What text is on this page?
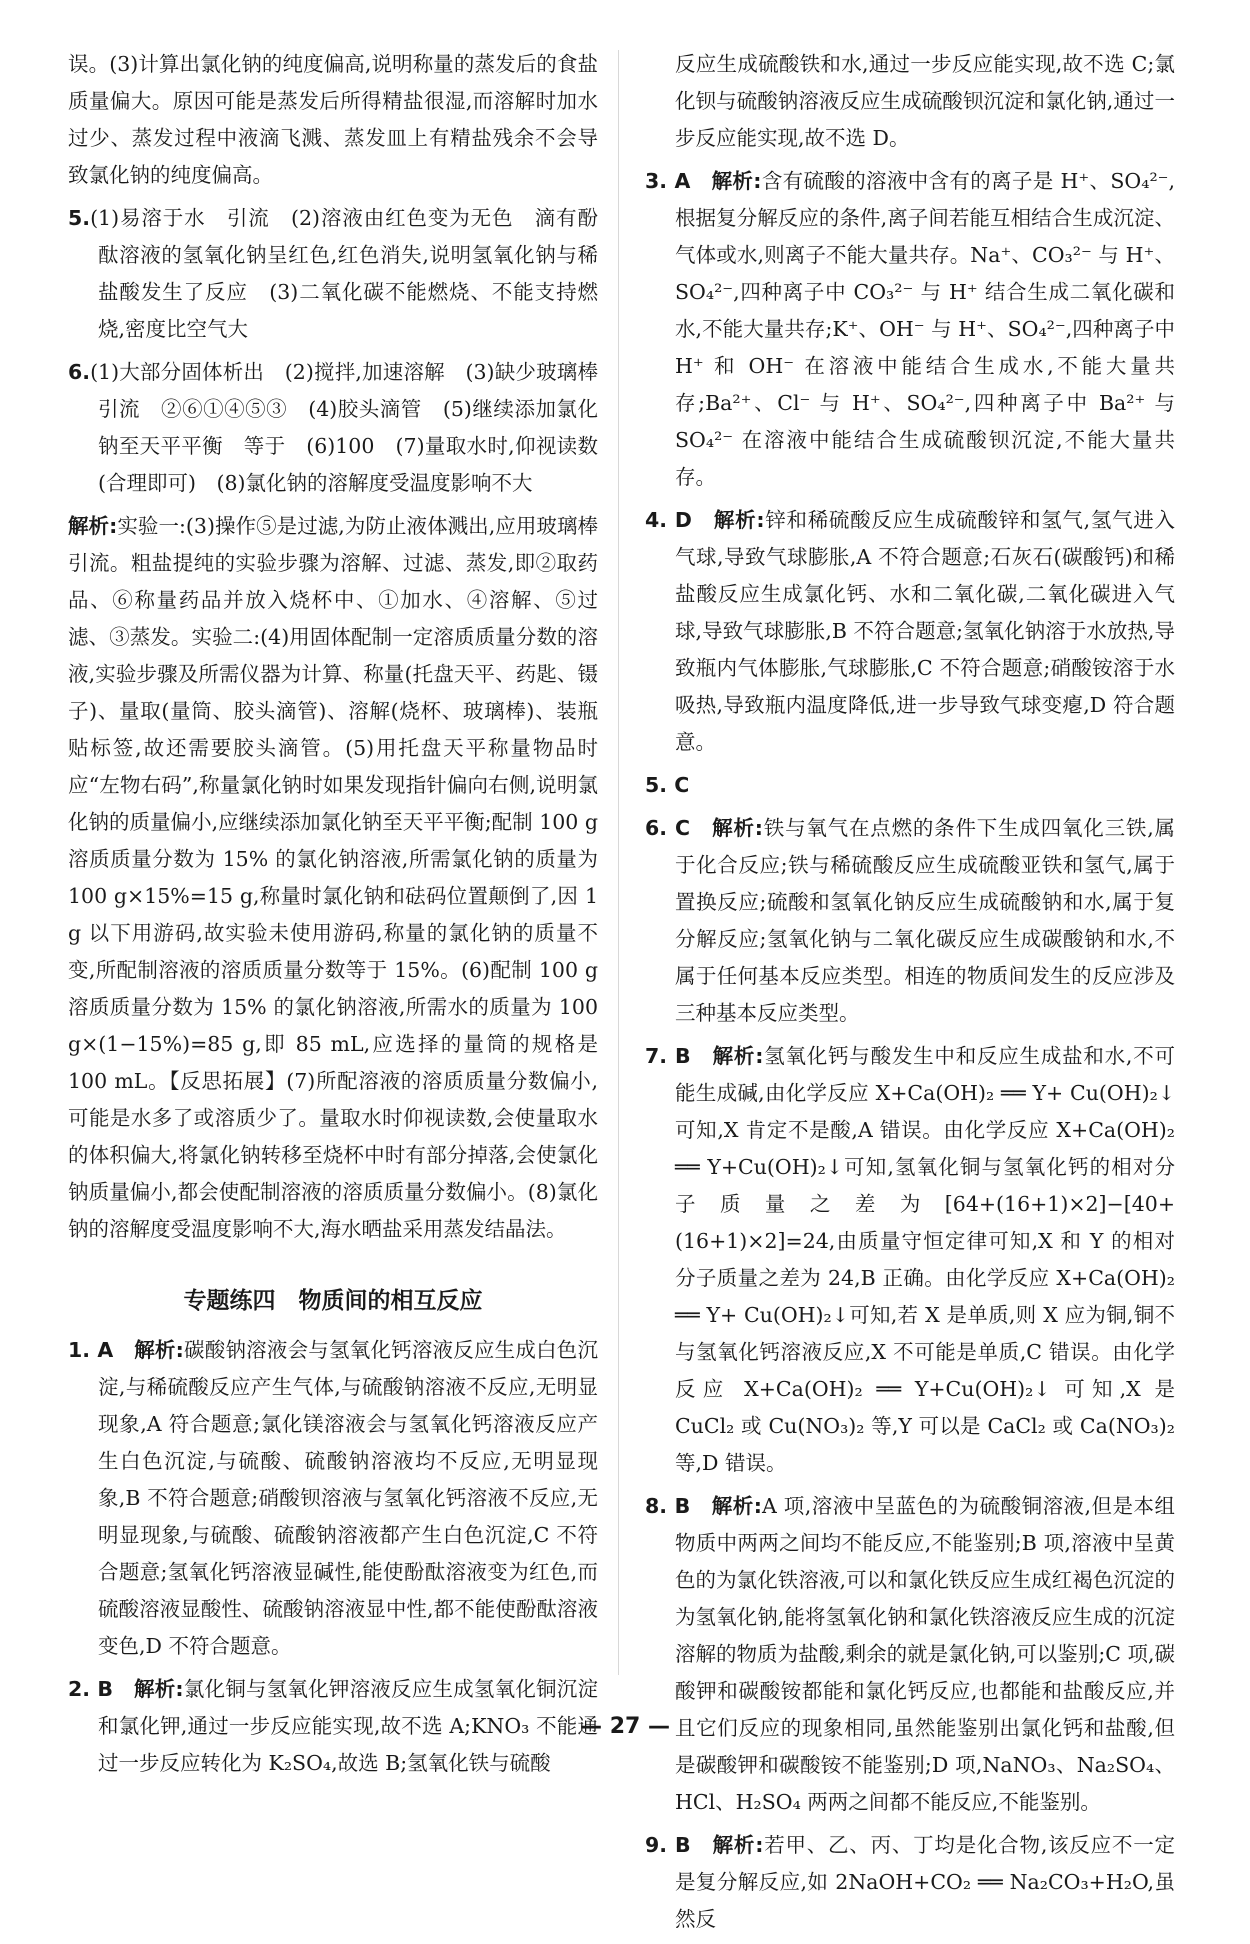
误。(3)计算出氯化钠的纯度偏高,说明称量的蒸发后的食盐质量偏大。原因可能是蒸发后所得精盐很湿,而溶解时加水过少、蒸发过程中液滴飞溅、蒸发皿上有精盐残余不会导致氯化钠的纯度偏高。

5.(1)易溶于水　引流　(2)溶液由红色变为无色　滴有酚酞溶液的氢氧化钠呈红色,红色消失,说明氢氧化钠与稀盐酸发生了反应　(3)二氧化碳不能燃烧、不能支持燃烧,密度比空气大

6.(1)大部分固体析出　(2)搅拌,加速溶解　(3)缺少玻璃棒引流　②⑥①④⑤③　(4)胶头滴管　(5)继续添加氯化钠至天平平衡　等于　(6)100　(7)量取水时,仰视读数(合理即可)　(8)氯化钠的溶解度受温度影响不大

解析:实验一:(3)操作⑤是过滤,为防止液体溅出,应用玻璃棒引流。粗盐提纯的实验步骤为溶解、过滤、蒸发,即②取药品、⑥称量药品并放入烧杯中、①加水、④溶解、⑤过滤、③蒸发。实验二:(4)用固体配制一定溶质质量分数的溶液,实验步骤及所需仪器为计算、称量(托盘天平、药匙、镊子)、量取(量筒、胶头滴管)、溶解(烧杯、玻璃棒)、装瓶贴标签,故还需要胶头滴管。(5)用托盘天平称量物品时应“左物右码”,称量氯化钠时如果发现指针偏向右侧,说明氯化钠的质量偏小,应继续添加氯化钠至天平平衡;配制 100 g 溶质质量分数为 15% 的氯化钠溶液,所需氯化钠的质量为 100 g×15%=15 g,称量时氯化钠和砝码位置颠倒了,因 1 g 以下用游码,故实验未使用游码,称量的氯化钠的质量不变,所配制溶液的溶质质量分数等于 15%。(6)配制 100 g 溶质质量分数为 15% 的氯化钠溶液,所需水的质量为 100 g×(1−15%)=85 g,即 85 mL,应选择的量筒的规格是 100 mL。【反思拓展】(7)所配溶液的溶质质量分数偏小,可能是水多了或溶质少了。量取水时仰视读数,会使量取水的体积偏大,将氯化钠转移至烧杯中时有部分掉落,会使氯化钠质量偏小,都会使配制溶液的溶质质量分数偏小。(8)氯化钠的溶解度受温度影响不大,海水晒盐采用蒸发结晶法。

专题练四　物质间的相互反应

1. A　 解析:碳酸钠溶液会与氢氧化钙溶液反应生成白色沉淀,与稀硫酸反应产生气体,与硫酸钠溶液不反应,无明显现象,A 符合题意;氯化镁溶液会与氢氧化钙溶液反应产生白色沉淀,与硫酸、硫酸钠溶液均不反应,无明显现象,B 不符合题意;硝酸钡溶液与氢氧化钙溶液不反应,无明显现象,与硫酸、硫酸钠溶液都产生白色沉淀,C 不符合题意;氢氧化钙溶液显碱性,能使酚酞溶液变为红色,而硫酸溶液显酸性、硫酸钠溶液显中性,都不能使酚酞溶液变色,D 不符合题意。

2. B　 解析:氯化铜与氢氧化钾溶液反应生成氢氧化铜沉淀和氯化钾,通过一步反应能实现,故不选 A;KNO₃ 不能通过一步反应转化为 K₂SO₄,故选 B;氢氧化铁与硫酸

反应生成硫酸铁和水,通过一步反应能实现,故不选 C;氯化钡与硫酸钠溶液反应生成硫酸钡沉淀和氯化钠,通过一步反应能实现,故不选 D。

3. A　 解析:含有硫酸的溶液中含有的离子是 H⁺、SO₄²⁻,根据复分解反应的条件,离子间若能互相结合生成沉淀、气体或水,则离子不能大量共存。Na⁺、CO₃²⁻ 与 H⁺、SO₄²⁻,四种离子中 CO₃²⁻ 与 H⁺ 结合生成二氧化碳和水,不能大量共存;K⁺、OH⁻ 与 H⁺、SO₄²⁻,四种离子中 H⁺ 和 OH⁻ 在溶液中能结合生成水,不能大量共存;Ba²⁺、Cl⁻ 与 H⁺、SO₄²⁻,四种离子中 Ba²⁺ 与 SO₄²⁻ 在溶液中能结合生成硫酸钡沉淀,不能大量共存。

4. D　 解析:锌和稀硫酸反应生成硫酸锌和氢气,氢气进入气球,导致气球膨胀,A 不符合题意;石灰石(碳酸钙)和稀盐酸反应生成氯化钙、水和二氧化碳,二氧化碳进入气球,导致气球膨胀,B 不符合题意;氢氧化钠溶于水放热,导致瓶内气体膨胀,气球膨胀,C 不符合题意;硝酸铵溶于水吸热,导致瓶内温度降低,进一步导致气球变瘪,D 符合题意。

5. C

6. C　 解析:铁与氧气在点燃的条件下生成四氧化三铁,属于化合反应;铁与稀硫酸反应生成硫酸亚铁和氢气,属于置换反应;硫酸和氢氧化钠反应生成硫酸钠和水,属于复分解反应;氢氧化钠与二氧化碳反应生成碳酸钠和水,不属于任何基本反应类型。相连的物质间发生的反应涉及三种基本反应类型。

7. B　 解析:氢氧化钙与酸发生中和反应生成盐和水,不可能生成碱,由化学反应 X+Ca(OH)₂ ══ Y+ Cu(OH)₂↓ 可知,X 肯定不是酸,A 错误。由化学反应 X+Ca(OH)₂ ══ Y+Cu(OH)₂↓可知,氢氧化铜与氢氧化钙的相对分子质量之差为[64+(16+1)×2]−[40+(16+1)×2]=24,由质量守恒定律可知,X 和 Y 的相对分子质量之差为 24,B 正确。由化学反应 X+Ca(OH)₂ ══ Y+ Cu(OH)₂↓可知,若 X 是单质,则 X 应为铜,铜不与氢氧化钙溶液反应,X 不可能是单质,C 错误。由化学反应 X+Ca(OH)₂ ══ Y+Cu(OH)₂↓ 可知,X 是 CuCl₂ 或 Cu(NO₃)₂ 等,Y 可以是 CaCl₂ 或 Ca(NO₃)₂ 等,D 错误。

8. B　 解析:A 项,溶液中呈蓝色的为硫酸铜溶液,但是本组物质中两两之间均不能反应,不能鉴别;B 项,溶液中呈黄色的为氯化铁溶液,可以和氯化铁反应生成红褐色沉淀的为氢氧化钠,能将氢氧化钠和氯化铁溶液反应生成的沉淀溶解的物质为盐酸,剩余的就是氯化钠,可以鉴别;C 项,碳酸钾和碳酸铵都能和氯化钙反应,也都能和盐酸反应,并且它们反应的现象相同,虽然能鉴别出氯化钙和盐酸,但是碳酸钾和碳酸铵不能鉴别;D 项,NaNO₃、Na₂SO₄、HCl、H₂SO₄ 两两之间都不能反应,不能鉴别。

9. B　 解析:若甲、乙、丙、丁均是化合物,该反应不一定是复分解反应,如 2NaOH+CO₂ ══ Na₂CO₃+H₂O,虽然反

— 27 —
